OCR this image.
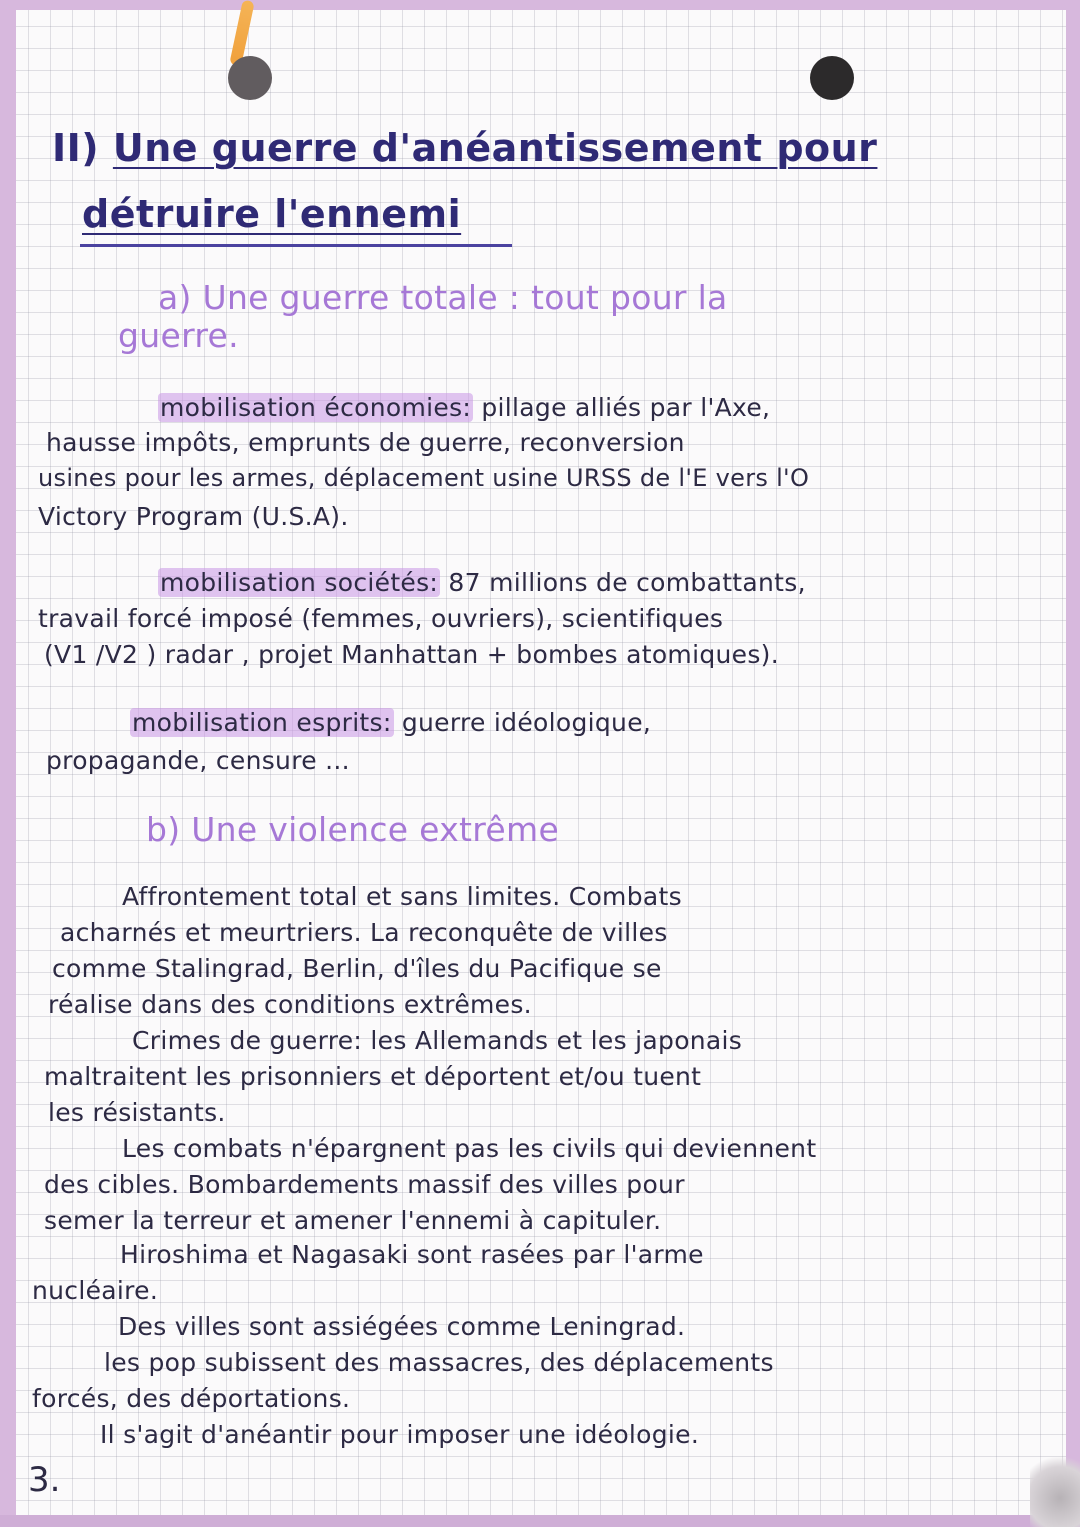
II) Une guerre d'anéantissement pour
détruire l'ennemi
a) Une guerre totale : tout pour la
guerre.
mobilisation économies: pillage alliés par l'Axe,
hausse impôts, emprunts de guerre, reconversion
usines pour les armes, déplacement usine URSS de l'E vers l'O
Victory Program (U.S.A).
mobilisation sociétés: 87 millions de combattants,
travail forcé imposé (femmes, ouvriers), scientifiques
(V1 /V2 ) radar , projet Manhattan + bombes atomiques).
mobilisation esprits: guerre idéologique,
propagande, censure ...
b) Une violence extrême
Affrontement total et sans limites. Combats
acharnés et meurtriers. La reconquête de villes
comme Stalingrad, Berlin, d'îles du Pacifique se
réalise dans des conditions extrêmes.
Crimes de guerre: les Allemands et les japonais
maltraitent les prisonniers et déportent et/ou tuent
les résistants.
Les combats n'épargnent pas les civils qui deviennent
des cibles. Bombardements massif des villes pour
semer la terreur et amener l'ennemi à capituler.
Hiroshima et Nagasaki sont rasées par l'arme
nucléaire.
Des villes sont assiégées comme Leningrad.
les pop subissent des massacres, des déplacements
forcés, des déportations.
Il s'agit d'anéantir pour imposer une idéologie.
3.
